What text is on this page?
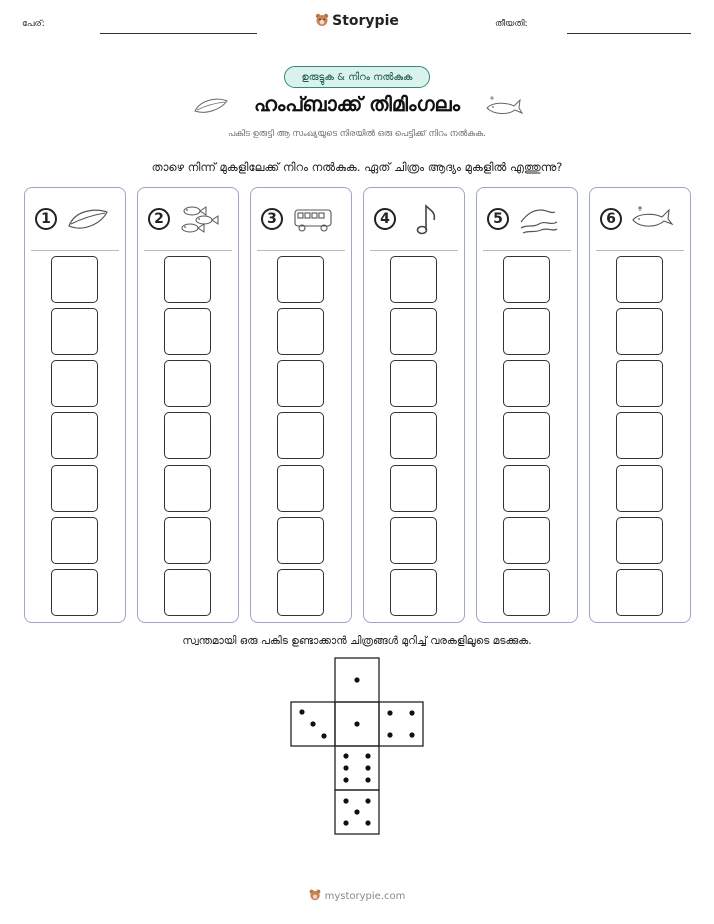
പേര്:	Storypie	തീയതി:
ഉരുട്ടുക & നിറം നൽകുക
ഹംപ്ബാക്ക് തിമിംഗലം
പകിട ഉരുട്ടി ആ സംഖ്യയുടെ നിരയിൽ ഒരു പെട്ടിക്ക് നിറം നൽകുക.
താഴെ നിന്ന് മുകളിലേക്ക് നിറം നൽകുക. ഏത് ചിത്രം ആദ്യം മുകളിൽ എത്തുന്നു?
1	2	3	4	5	6
സ്വന്തമായി ഒരു പകിട ഉണ്ടാക്കാൻ ചിത്രങ്ങൾ മുറിച്ച് വരകളിലൂടെ മടക്കുക.
mystorypie.com
